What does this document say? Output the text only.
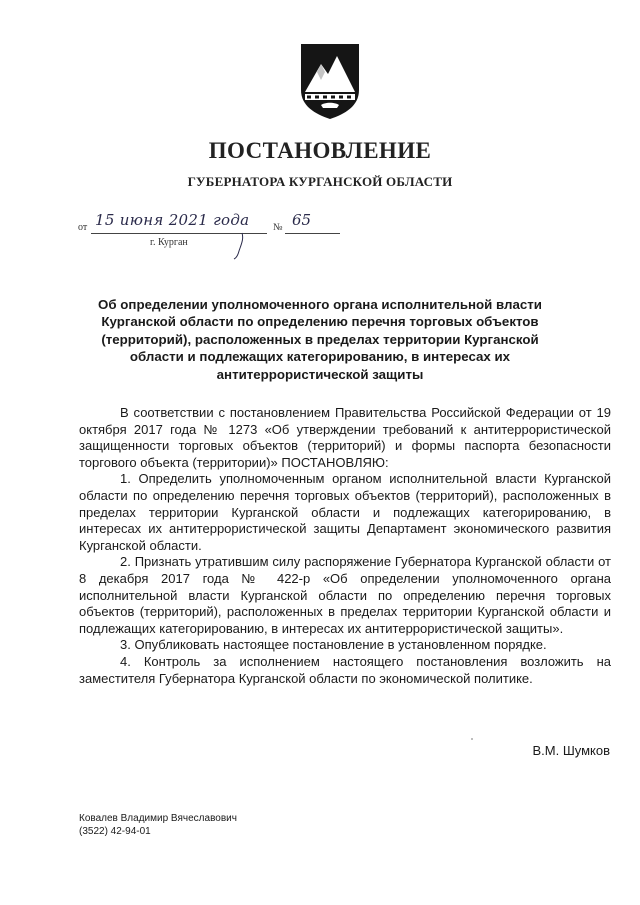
ПОСТАНОВЛЕНИЕ
ГУБЕРНАТОРА КУРГАНСКОЙ ОБЛАСТИ
от 15 июня 2021 года № 65
г. Курган
Об определении уполномоченного органа исполнительной власти Курганской области по определению перечня торговых объектов (территорий), расположенных в пределах территории Курганской области и подлежащих категорированию, в интересах их антитеррористической защиты

В соответствии с постановлением Правительства Российской Федерации от 19 октября 2017 года № 1273 «Об утверждении требований к антитеррористической защищенности торговых объектов (территорий) и формы паспорта безопасности торгового объекта (территории)» ПОСТАНОВЛЯЮ:

1. Определить уполномоченным органом исполнительной власти Курганской области по определению перечня торговых объектов (территорий), расположенных в пределах территории Курганской области и подлежащих категорированию, в интересах их антитеррористической защиты Департамент экономического развития Курганской области.

2. Признать утратившим силу распоряжение Губернатора Курганской области от 8 декабря 2017 года № 422-р «Об определении уполномоченного органа исполнительной власти Курганской области по определению перечня торговых объектов (территорий), расположенных в пределах территории Курганской области и подлежащих категорированию, в интересах их антитеррористической защиты».

3. Опубликовать настоящее постановление в установленном порядке.

4. Контроль за исполнением настоящего постановления возложить на заместителя Губернатора Курганской области по экономической политике.

В.М. Шумков
Ковалев Владимир Вячеславович
(3522) 42-94-01
